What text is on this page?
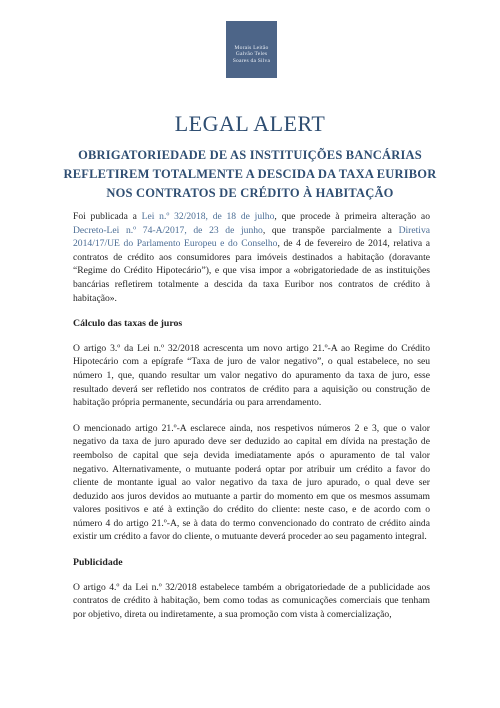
Morais Leitão
Galvão Teles
Soares da Silva
LEGAL ALERT
OBRIGATORIEDADE DE AS INSTITUIÇÕES BANCÁRIAS REFLETIREM TOTALMENTE A DESCIDA DA TAXA EURIBOR NOS CONTRATOS DE CRÉDITO À HABITAÇÃO

Foi publicada a Lei n.º 32/2018, de 18 de julho, que procede à primeira alteração ao Decreto-Lei n.º 74-A/2017, de 23 de junho, que transpõe parcialmente a Diretiva 2014/17/UE do Parlamento Europeu e do Conselho, de 4 de fevereiro de 2014, relativa a contratos de crédito aos consumidores para imóveis destinados a habitação (doravante “Regime do Crédito Hipotecário”), e que visa impor a «obrigatoriedade de as instituições bancárias refletirem totalmente a descida da taxa Euribor nos contratos de crédito à habitação».

Cálculo das taxas de juros

O artigo 3.º da Lei n.º 32/2018 acrescenta um novo artigo 21.º-A ao Regime do Crédito Hipotecário com a epígrafe “Taxa de juro de valor negativo”, o qual estabelece, no seu número 1, que, quando resultar um valor negativo do apuramento da taxa de juro, esse resultado deverá ser refletido nos contratos de crédito para a aquisição ou construção de habitação própria permanente, secundária ou para arrendamento.

O mencionado artigo 21.º-A esclarece ainda, nos respetivos números 2 e 3, que o valor negativo da taxa de juro apurado deve ser deduzido ao capital em dívida na prestação de reembolso de capital que seja devida imediatamente após o apuramento de tal valor negativo. Alternativamente, o mutuante poderá optar por atribuir um crédito a favor do cliente de montante igual ao valor negativo da taxa de juro apurado, o qual deve ser deduzido aos juros devidos ao mutuante a partir do momento em que os mesmos assumam valores positivos e até à extinção do crédito do cliente: neste caso, e de acordo com o número 4 do artigo 21.º-A, se à data do termo convencionado do contrato de crédito ainda existir um crédito a favor do cliente, o mutuante deverá proceder ao seu pagamento integral.

Publicidade

O artigo 4.º da Lei n.º 32/2018 estabelece também a obrigatoriedade de a publicidade aos contratos de crédito à habitação, bem como todas as comunicações comerciais que tenham por objetivo, direta ou indiretamente, a sua promoção com vista à comercialização,
